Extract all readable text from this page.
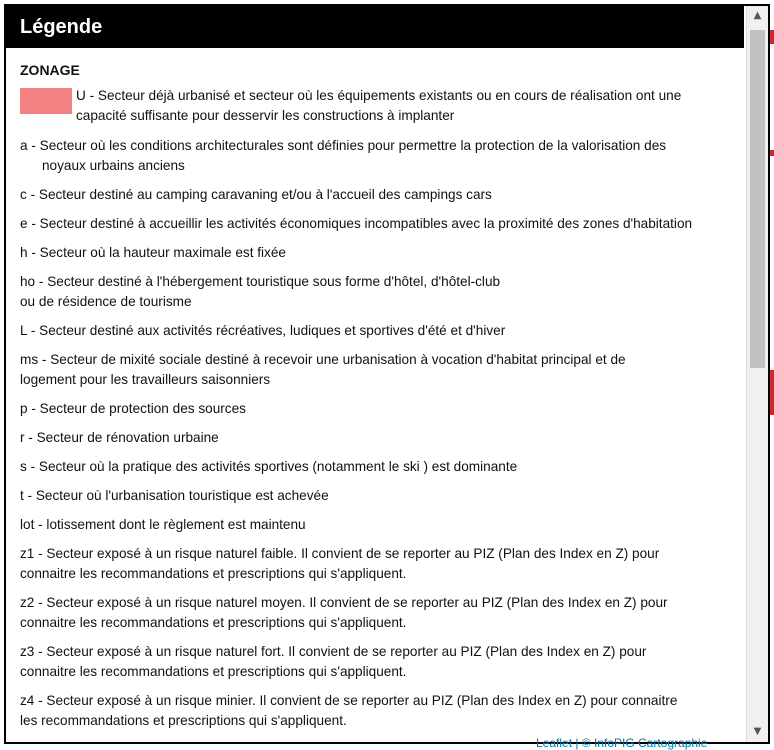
Légende
ZONAGE
U - Secteur déjà urbanisé et secteur où les équipements existants ou en cours de réalisation ont une capacité suffisante pour desservir les constructions à implanter
a - Secteur où les conditions architecturales sont définies pour permettre la protection de la valorisation des noyaux urbains anciens
c - Secteur destiné au camping caravaning et/ou à l'accueil des campings cars
e - Secteur destiné à accueillir les activités économiques incompatibles avec la proximité des zones d'habitation
h - Secteur où la hauteur maximale est fixée
ho - Secteur destiné à l'hébergement touristique sous forme d'hôtel, d'hôtel-club
ou de résidence de tourisme
L - Secteur destiné aux activités récréatives, ludiques et sportives d'été et d'hiver
ms - Secteur de mixité sociale destiné à recevoir une urbanisation à vocation d'habitat principal et de logement pour les travailleurs saisonniers
p - Secteur de protection des sources
r - Secteur de rénovation urbaine
s - Secteur où la pratique des activités sportives (notamment le ski ) est dominante
t - Secteur où l'urbanisation touristique est achevée
lot - lotissement dont le règlement est maintenu
z1 - Secteur exposé à un risque naturel faible. Il convient de se reporter au PIZ (Plan des Index en Z) pour connaitre les recommandations et prescriptions qui s'appliquent.
z2 - Secteur exposé à un risque naturel moyen. Il convient de se reporter au PIZ (Plan des Index en Z) pour connaitre les recommandations et prescriptions qui s'appliquent.
z3 - Secteur exposé à un risque naturel fort. Il convient de se reporter au PIZ (Plan des Index en Z) pour connaitre les recommandations et prescriptions qui s'appliquent.
z4 - Secteur exposé à un risque minier. Il convient de se reporter au PIZ (Plan des Index en Z) pour connaitre les recommandations et prescriptions qui s'appliquent.
▲
▼
Leaflet | © InfoPIG Cartographie
